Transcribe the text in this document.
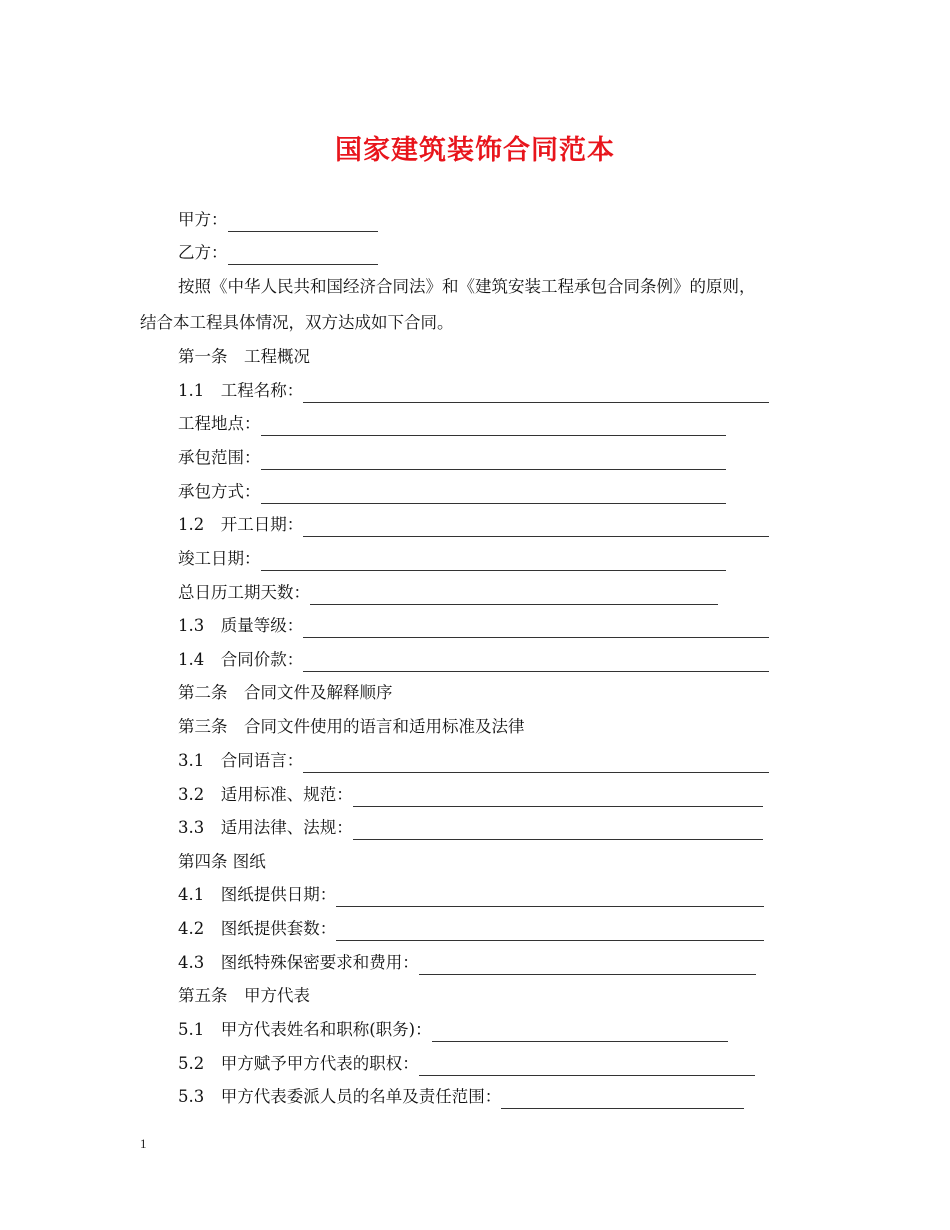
国家建筑装饰合同范本
甲方：
乙方：
按照《中华人民共和国经济合同法》和《建筑安装工程承包合同条例》的原则，
结合本工程具体情况，双方达成如下合同。
第一条　工程概况
1.1　工程名称：
工程地点：
承包范围：
承包方式：
1.2　开工日期：
竣工日期：
总日历工期天数：
1.3　质量等级：
1.4　合同价款：
第二条　合同文件及解释顺序
第三条　合同文件使用的语言和适用标准及法律
3.1　合同语言：
3.2　适用标准、规范：
3.3　适用法律、法规：
第四条 图纸
4.1　图纸提供日期：
4.2　图纸提供套数：
4.3　图纸特殊保密要求和费用：
第五条　甲方代表
5.1　甲方代表姓名和职称(职务)：
5.2　甲方赋予甲方代表的职权：
5.3　甲方代表委派人员的名单及责任范围：
1
